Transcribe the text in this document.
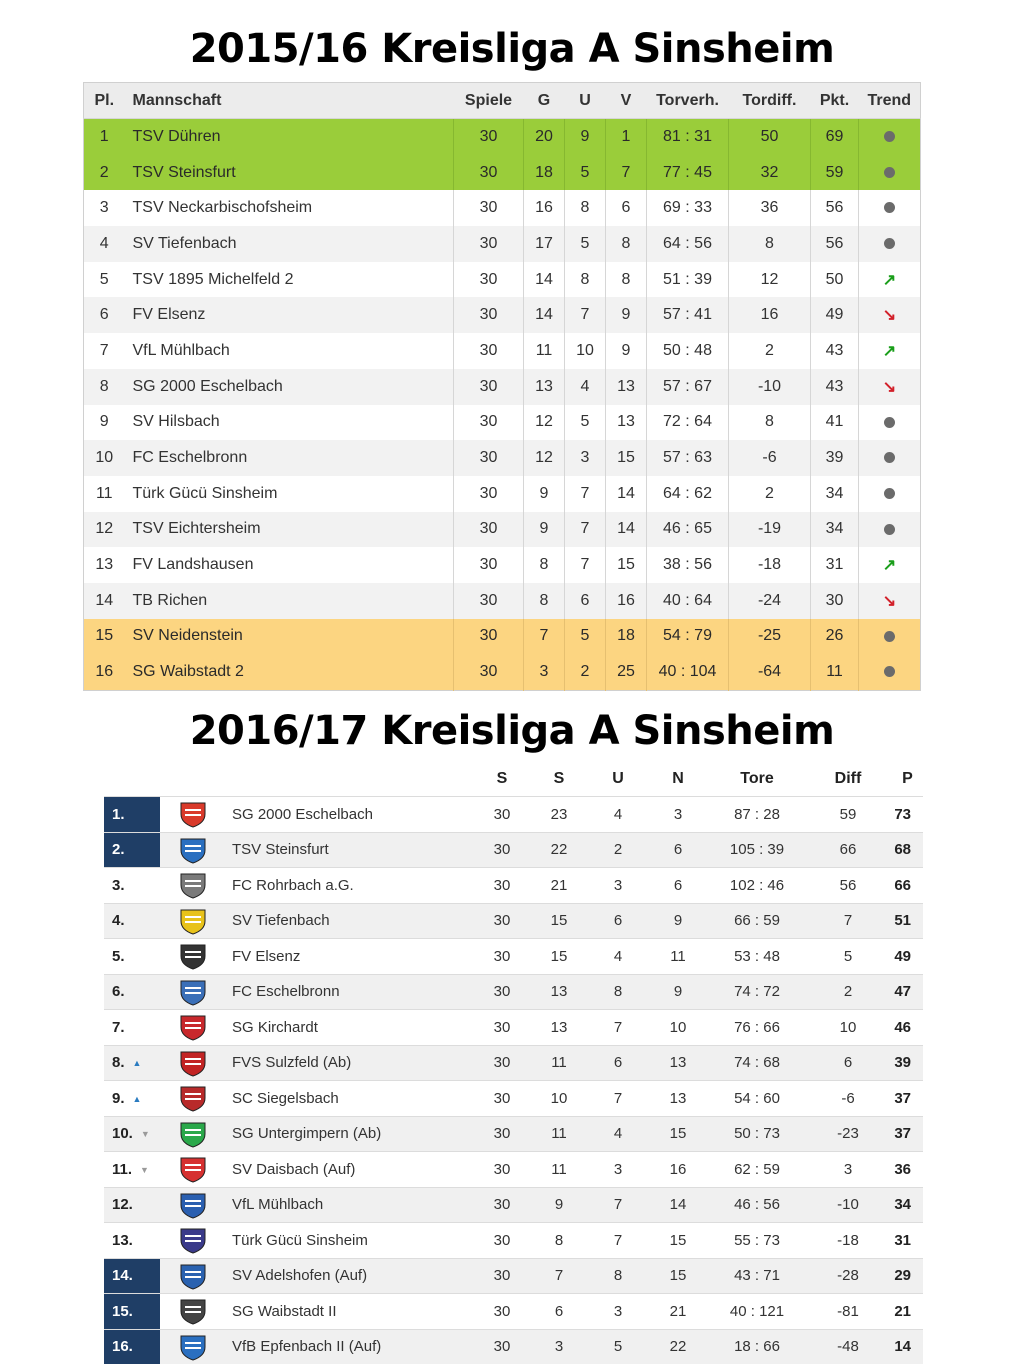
2015/16 Kreisliga A Sinsheim
Pl.	Mannschaft	Spiele	G	U	V	Torverh.	Tordiff.	Pkt.	Trend
1	TSV Dühren	30	20	9	1	81 : 31	50	69	
2	TSV Steinsfurt	30	18	5	7	77 : 45	32	59	
3	TSV Neckarbischofsheim	30	16	8	6	69 : 33	36	56	
4	SV Tiefenbach	30	17	5	8	64 : 56	8	56	
5	TSV 1895 Michelfeld 2	30	14	8	8	51 : 39	12	50	↗
6	FV Elsenz	30	14	7	9	57 : 41	16	49	↘
7	VfL Mühlbach	30	11	10	9	50 : 48	2	43	↗
8	SG 2000 Eschelbach	30	13	4	13	57 : 67	-10	43	↘
9	SV Hilsbach	30	12	5	13	72 : 64	8	41	
10	FC Eschelbronn	30	12	3	15	57 : 63	-6	39	
11	Türk Gücü Sinsheim	30	9	7	14	64 : 62	2	34	
12	TSV Eichtersheim	30	9	7	14	46 : 65	-19	34	
13	FV Landshausen	30	8	7	15	38 : 56	-18	31	↗
14	TB Richen	30	8	6	16	40 : 64	-24	30	↘
15	SV Neidenstein	30	7	5	18	54 : 79	-25	26	
16	SG Waibstadt 2	30	3	2	25	40 : 104	-64	11	
2016/17 Kreisliga A Sinsheim
			S	S	U	N	Tore	Diff	P
1.		SG 2000 Eschelbach	30	23	4	3	87 : 28	59	73
2.		TSV Steinsfurt	30	22	2	6	105 : 39	66	68
3.		FC Rohrbach a.G.	30	21	3	6	102 : 46	56	66
4.		SV Tiefenbach	30	15	6	9	66 : 59	7	51
5.		FV Elsenz	30	15	4	11	53 : 48	5	49
6.		FC Eschelbronn	30	13	8	9	74 : 72	2	47
7.		SG Kirchardt	30	13	7	10	76 : 66	10	46
8. ▲		FVS Sulzfeld (Ab)	30	11	6	13	74 : 68	6	39
9. ▲		SC Siegelsbach	30	10	7	13	54 : 60	-6	37
10. ▼		SG Untergimpern (Ab)	30	11	4	15	50 : 73	-23	37
11. ▼		SV Daisbach (Auf)	30	11	3	16	62 : 59	3	36
12.		VfL Mühlbach	30	9	7	14	46 : 56	-10	34
13.		Türk Gücü Sinsheim	30	8	7	15	55 : 73	-18	31
14.		SV Adelshofen (Auf)	30	7	8	15	43 : 71	-28	29
15.		SG Waibstadt II	30	6	3	21	40 : 121	-81	21
16.		VfB Epfenbach II (Auf)	30	3	5	22	18 : 66	-48	14
